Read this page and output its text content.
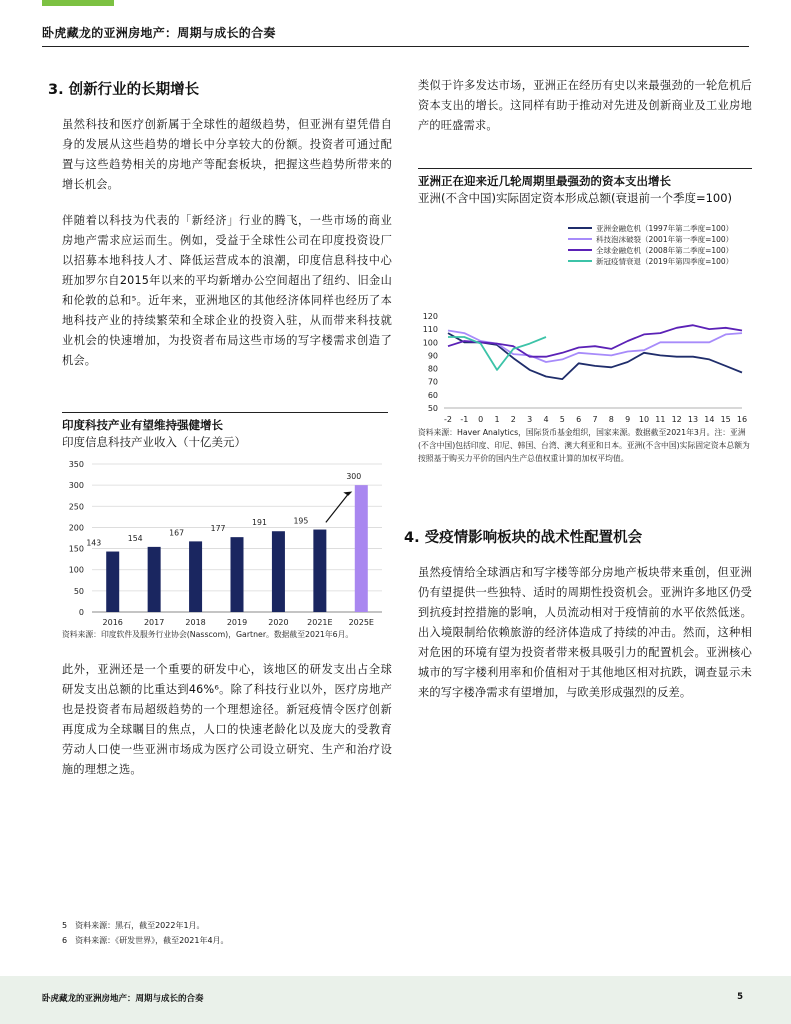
卧虎藏龙的亚洲房地产：周期与成长的合奏
3. 创新行业的长期增长

虽然科技和医疗创新属于全球性的超级趋势，但亚洲有望凭借自身的发展从这些趋势的增长中分享较大的份额。投资者可通过配置与这些趋势相关的房地产等配套板块，把握这些趋势所带来的增长机会。

伴随着以科技为代表的「新经济」行业的腾飞，一些市场的商业房地产需求应运而生。例如，受益于全球性公司在印度投资设厂以招募本地科技人才、降低运营成本的浪潮，印度信息科技中心班加罗尔自2015年以来的平均新增办公空间超出了纽约、旧金山和伦敦的总和⁵。近年来，亚洲地区的其他经济体同样也经历了本地科技产业的持续繁荣和全球企业的投资入驻，从而带来科技就业机会的快速增加，为投资者布局这些市场的写字楼需求创造了机会。

印度科技产业有望维持强健增长
印度信息科技产业收入（十亿美元）
0
50
100
150
200
250
300
350
143
2016
154
2017
167
2018
177
2019
191
2020
195
2021E
300
2025E
资料来源：印度软件及服务行业协会(Nasscom)，Gartner。数据截至2021年6月。

此外，亚洲还是一个重要的研发中心，该地区的研发支出占全球研发支出总额的比重达到46%⁶。除了科技行业以外，医疗房地产也是投资者布局超级趋势的一个理想途径。新冠疫情令医疗创新再度成为全球瞩目的焦点，人口的快速老龄化以及庞大的受教育劳动人口使一些亚洲市场成为医疗公司设立研究、生产和治疗设施的理想之选。

类似于许多发达市场，亚洲正在经历有史以来最强劲的一轮危机后资本支出的增长。这同样有助于推动对先进及创新商业及工业房地产的旺盛需求。

亚洲正在迎来近几轮周期里最强劲的资本支出增长
亚洲(不含中国)实际固定资本形成总额(衰退前一个季度=100)
亚洲金融危机（1997年第二季度=100）
科技泡沫破裂（2001年第一季度=100）
全球金融危机（2008年第二季度=100）
新冠疫情衰退（2019年第四季度=100）
50
60
70
80
90
100
110
120
-2 -1 0 1 2 3 4 5 6 7 8 9 10 11 12 13 14 15 16
资料来源：Haver Analytics，国际货币基金组织，国家来源。数据截至2021年3月。注：亚洲(不含中国)包括印度、印尼、韩国、台湾、澳大利亚和日本。亚洲(不含中国)实际固定资本总额为按照基于购买力平价的国内生产总值权重计算的加权平均值。
4. 受疫情影响板块的战术性配置机会

虽然疫情给全球酒店和写字楼等部分房地产板块带来重创，但亚洲仍有望提供一些独特、适时的周期性投资机会。亚洲许多地区仍受到抗疫封控措施的影响，人员流动相对于疫情前的水平依然低迷。出入境限制给依赖旅游的经济体造成了持续的冲击。然而，这种相对危困的环境有望为投资者带来极具吸引力的配置机会。亚洲核心城市的写字楼利用率和价值相对于其他地区相对抗跌，调查显示未来的写字楼净需求有望增加，与欧美形成强烈的反差。

5　资料来源：黑石，截至2022年1月。
6　资料来源：《研发世界》，截至2021年4月。
卧虎藏龙的亚洲房地产：周期与成长的合奏	5
